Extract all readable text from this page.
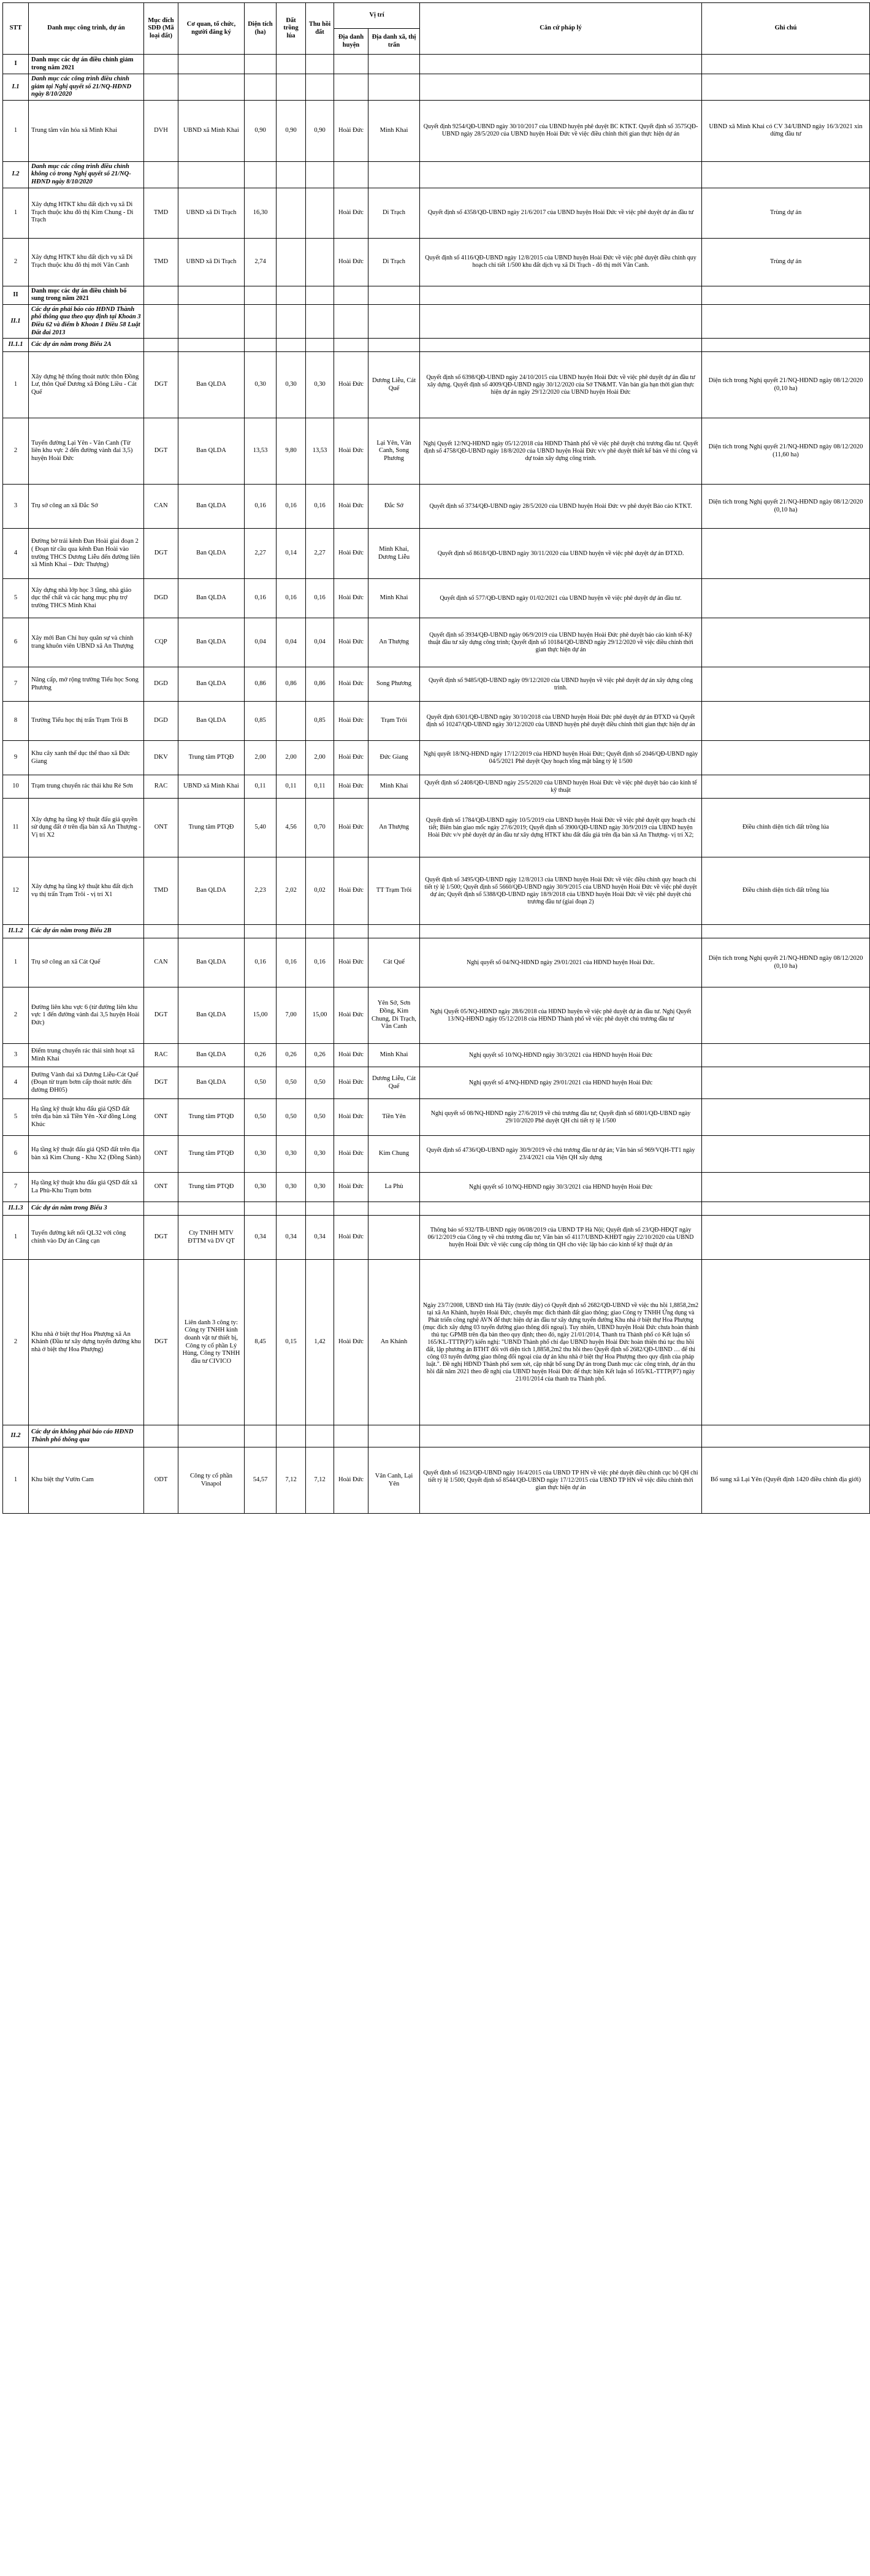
STT	Danh mục công trình, dự án	Mục đích SDĐ (Mã loại đất)	Cơ quan, tổ chức, người đăng ký	Diện tích (ha)	Đất trồng lúa	Thu hồi đất	Vị trí		Căn cứ pháp lý	Ghi chú
							Địa danh huyện	Địa danh xã, thị trấn		
I	Danh mục các dự án điều chỉnh giảm trong năm 2021									
I.1	Danh mục các công trình điều chỉnh giảm tại Nghị quyết số 21/NQ-HĐND ngày 8/10/2020									
1	Trung tâm văn hóa xã Minh Khai	DVH	UBND xã Minh Khai	0,90	0,90	0,90	Hoài Đức	Minh Khai	Quyết định 9254/QĐ-UBND ngày 30/10/2017 của UBND huyện phê duyệt BC KTKT. Quyết định số 3575QĐ-UBND ngày 28/5/2020 của UBND huyện Hoài Đức về việc điều chỉnh thời gian thực hiện dự án	UBND xã Minh Khai có CV 34/UBND ngày 16/3/2021 xin dừng đầu tư
I.2	Danh mục các công trình điều chỉnh không có trong Nghị quyết số 21/NQ-HĐND ngày 8/10/2020									
1	Xây dựng HTKT khu đất dịch vụ xã Di Trạch thuộc khu đô thị Kim Chung - Di Trạch	TMD	UBND xã Di Trạch	16,30			Hoài Đức	Di Trạch	Quyết định số 4358/QĐ-UBND ngày 21/6/2017 của UBND huyện Hoài Đức về việc phê duyệt dự án đầu tư	Trùng dự án
2	Xây dựng HTKT khu đất dịch vụ xã Di Trạch thuộc khu đô thị mới Vân Canh	TMD	UBND xã Di Trạch	2,74			Hoài Đức	Di Trạch	Quyết định số 4116/QĐ-UBND ngày 12/8/2015 của UBND huyện Hoài Đức về việc phê duyệt điều chỉnh quy hoạch chi tiết 1/500 khu đất dịch vụ xã Di Trạch - đô thị mới Vân Canh.	Trùng dự án
II	Danh mục các dự án điều chỉnh bổ sung trong năm 2021									
II.1	Các dự án phải báo cáo HĐND Thành phố thông qua theo quy định tại Khoản 3 Điều 62 và điểm b Khoản 1 Điều 58 Luật Đất đai 2013									
II.1.1	Các dự án nằm trong Biểu 2A									
1	Xây dựng hệ thống thoát nước thôn Đồng Lư, thôn Quế Dương xã Đông Liều - Cát Quế	DGT	Ban QLDA	0,30	0,30	0,30	Hoài Đức	Dương Liễu, Cát Quế	Quyết định số 6398/QĐ-UBND ngày 24/10/2015 của UBND huyện Hoài Đức về việc phê duyệt dự án đầu tư xây dựng. Quyết định số 4009/QĐ-UBND ngày 30/12/2020 của Sở TN&MT. Văn bản gia hạn thời gian thực hiện dự án ngày 29/12/2020 của UBND huyện Hoài Đức	Diện tích trong Nghị quyết 21/NQ-HĐND ngày 08/12/2020 (0,10 ha)
2	Tuyến đường Lại Yên - Vân Canh (Từ liên khu vực 2 đến đường vành đai 3,5) huyện Hoài Đức	DGT	Ban QLDA	13,53	9,80	13,53	Hoài Đức	Lại Yên, Vân Canh, Song Phương	Nghị Quyết 12/NQ-HĐND ngày 05/12/2018 của HĐND Thành phố về việc phê duyệt chủ trương đầu tư. Quyết định số 4758/QĐ-UBND ngày 18/8/2020 của UBND huyện Hoài Đức v/v phê duyệt thiết kế bản vẽ thi công và dự toán xây dựng công trình.	Diện tích trong Nghị quyết 21/NQ-HĐND ngày 08/12/2020 (11,60 ha)
3	Trụ sở công an xã Đắc Sở	CAN	Ban QLDA	0,16	0,16	0,16	Hoài Đức	Đắc Sở	Quyết định số 3734/QĐ-UBND ngày 28/5/2020 của UBND huyện Hoài Đức vv phê duyệt Báo cáo KTKT.	Diện tích trong Nghị quyết 21/NQ-HĐND ngày 08/12/2020 (0,10 ha)
4	Đường bờ trái kênh Đan Hoài giai đoạn 2 ( Đoạn từ cầu qua kênh Đan Hoài vào trường THCS Dương Liễu đến đường liên xã Minh Khai – Đức Thượng)	DGT	Ban QLDA	2,27	0,14	2,27	Hoài Đức	Minh Khai, Dương Liễu	Quyết định số 8618/QĐ-UBND ngày 30/11/2020 của UBND huyện về việc phê duyệt dự án ĐTXD.	
5	Xây dựng nhà lớp học 3 tầng, nhà giáo dục thể chất và các hạng mục phụ trợ trường THCS Minh Khai	DGD	Ban QLDA	0,16	0,16	0,16	Hoài Đức	Minh Khai	Quyết định số 577/QĐ-UBND ngày 01/02/2021 của UBND huyện về việc phê duyệt dự án đầu tư.	
6	Xây mới Ban Chỉ huy quân sự và chính trang khuôn viên UBND xã An Thượng	CQP	Ban QLDA	0,04	0,04	0,04	Hoài Đức	An Thượng	Quyết định số 3934/QĐ-UBND ngày 06/9/2019 của UBND huyện Hoài Đức phê duyệt báo cáo kinh tế-Kỹ thuật đầu tư xây dựng công trình; Quyết định số 10184/QĐ-UBND ngày 29/12/2020 về việc điều chỉnh thời gian thực hiện dự án	
7	Nâng cấp, mở rộng trường Tiểu học Song Phương	DGD	Ban QLDA	0,86	0,86	0,86	Hoài Đức	Song Phương	Quyết định số 9485/QĐ-UBND ngày 09/12/2020 của UBND huyện về việc phê duyệt dự án xây dựng công trình.	
8	Trường Tiểu học thị trấn Trạm Trôi B	DGD	Ban QLDA	0,85		0,85	Hoài Đức	Trạm Trôi	Quyết định 6301/QĐ-UBND ngày 30/10/2018 của UBND huyện Hoài Đức phê duyệt dự án ĐTXD và Quyết định số 10247/QĐ-UBND ngày 30/12/2020 của UBND huyện phê duyệt điều chỉnh thời gian thực hiện dự án	
9	Khu cây xanh thể dục thể thao xã Đức Giang	DKV	Trung tâm PTQĐ	2,00	2,00	2,00	Hoài Đức	Đức Giang	Nghị quyết 18/NQ-HĐND ngày 17/12/2019 của HĐND huyện Hoài Đức; Quyết định số 2046/QĐ-UBND ngày 04/5/2021 Phê duyệt Quy hoạch tổng mặt bằng tỷ lệ 1/500	
10	Trạm trung chuyển rác thải khu Rẻ Sơn	RAC	UBND xã Minh Khai	0,11	0,11	0,11	Hoài Đức	Minh Khai	Quyết định số 2408/QĐ-UBND ngày 25/5/2020 của UBND huyện Hoài Đức về việc phê duyệt báo cáo kinh tế kỹ thuật	
11	Xây dựng hạ tầng kỹ thuật đấu giá quyền sử dụng đất ở trên địa bàn xã An Thượng - Vị trí X2	ONT	Trung tâm PTQĐ	5,40	4,56	0,70	Hoài Đức	An Thượng	Quyết định số 1784/QĐ-UBND ngày 10/5/2019 của UBND huyện Hoài Đức về việc phê duyệt quy hoạch chi tiết; Biên bản giao mốc ngày 27/6/2019; Quyết định số 3900/QĐ-UBND ngày 30/9/2019 của UBND huyện Hoài Đức v/v phê duyệt dự án đầu tư xây dựng HTKT khu đất đấu giá trên địa bàn xã An Thượng- vị trí X2;	Điều chỉnh diện tích đất trồng lúa
12	Xây dựng hạ tầng kỹ thuật khu đất dịch vụ thị trấn Trạm Trôi - vị trí X1	TMD	Ban QLDA	2,23	2,02	0,02	Hoài Đức	TT Trạm Trôi	Quyết định số 3495/QĐ-UBND ngày 12/8/2013 của UBND huyện Hoài Đức về việc điều chỉnh quy hoạch chi tiết tỷ lệ 1/500; Quyết định số 5660/QĐ-UBND ngày 30/9/2015 của UBND huyện Hoài Đức về việc phê duyệt dự án; Quyết định số 5388/QĐ-UBND ngày 18/9/2018 của UBND huyện Hoài Đức về việc phê duyệt chủ trương đầu tư (giai đoạn 2)	Điều chỉnh diện tích đất trồng lúa
II.1.2	Các dự án nằm trong Biểu 2B									
1	Trụ sở công an xã Cát Quế	CAN	Ban QLDA	0,16	0,16	0,16	Hoài Đức	Cát Quế	Nghị quyết số 04/NQ-HĐND ngày 29/01/2021 của HĐND huyện Hoài Đức.	Diện tích trong Nghị quyết 21/NQ-HĐND ngày 08/12/2020 (0,10 ha)
2	Đường liên khu vực 6 (từ đường liên khu vực 1 đến đường vành đai 3,5 huyện Hoài Đức)	DGT	Ban QLDA	15,00	7,00	15,00	Hoài Đức	Yên Sở, Sơn Đồng, Kim Chung, Di Trạch, Vân Canh	Nghị Quyết 05/NQ-HĐND ngày 28/6/2018 của HĐND huyện về việc phê duyệt dự án đầu tư. Nghị Quyết 13/NQ-HĐND ngày 05/12/2018 của HĐND Thành phố về việc phê duyệt chủ trương đầu tư	
3	Điểm trung chuyển rác thải sinh hoạt xã Minh Khai	RAC	Ban QLDA	0,26	0,26	0,26	Hoài Đức	Minh Khai	Nghị quyết số 10/NQ-HĐND ngày 30/3/2021 của HĐND huyện Hoài Đức	
4	Đường Vành đai xã Dương Liễu-Cát Quế (Đoạn từ trạm bơm cấp thoát nước đến đường ĐH05)	DGT	Ban QLDA	0,50	0,50	0,50	Hoài Đức	Dương Liễu, Cát Quế	Nghị quyết số 4/NQ-HĐND ngày 29/01/2021 của HĐND huyện Hoài Đức	
5	Hạ tầng kỹ thuật khu đấu giá QSD đất trên địa bàn xã Tiền Yên -Xứ đồng Lòng Khúc	ONT	Trung tâm PTQĐ	0,50	0,50	0,50	Hoài Đức	Tiền Yên	Nghị quyết số 08/NQ-HĐND ngày 27/6/2019 về chủ trương đầu tư; Quyết định số 6801/QĐ-UBND ngày 29/10/2020 Phê duyệt QH chi tiết tỷ lệ 1/500	
6	Hạ tầng kỹ thuật đấu giá QSD đất trên địa bàn xã Kim Chung - Khu X2 (Đồng Sảnh)	ONT	Trung tâm PTQĐ	0,30	0,30	0,30	Hoài Đức	Kim Chung	Quyết định số 4736/QĐ-UBND ngày 30/9/2019 về chủ trương đầu tư dự án; Văn bản số 969/VQH-TT1 ngày 23/4/2021 của Viện QH xây dựng	
7	Hạ tầng kỹ thuật khu đấu giá QSD đất xã La Phù-Khu Trạm bơm	ONT	Trung tâm PTQĐ	0,30	0,30	0,30	Hoài Đức	La Phù	Nghị quyết số 10/NQ-HĐND ngày 30/3/2021 của HĐND huyện Hoài Đức	
II.1.3	Các dự án nằm trong Biểu 3									
1	Tuyến đường kết nối QL32 với công chính vào Dự án Căng cạn	DGT	Cty TNHH MTV ĐTTM và DV QT	0,34	0,34	0,34	Hoài Đức		Thông báo số 932/TB-UBND ngày 06/08/2019 của UBND TP Hà Nội; Quyết định số 23/QĐ-HĐQT ngày 06/12/2019 của Công ty về chủ trương đầu tư; Văn bản số 4117/UBND-KHĐT ngày 22/10/2020 của UBND huyện Hoài Đức về việc cung cấp thông tin QH cho việc lập báo cáo kinh tế kỹ thuật dự án	
2	Khu nhà ở biệt thự Hoa Phượng xã An Khánh (Đầu tư xây dựng tuyến đường khu nhà ở biệt thự Hoa Phượng)	DGT	Liên danh 3 công ty: Công ty TNHH kinh doanh vật tư thiết bị, Công ty cổ phần Lý Hùng, Công ty TNHH đầu tư CIVICO	8,45	0,15	1,42	Hoài Đức	An Khánh	Ngày 23/7/2008, UBND tỉnh Hà Tây (trước đây) có Quyết định số 2682/QĐ-UBND về việc thu hồi 1,8858,2m2 tại xã An Khánh, huyện Hoài Đức, chuyển mục đích thành đất giao thông; giao Công ty TNHH Ứng dụng và Phát triển công nghệ AVN để thực hiện dự án đầu tư xây dựng tuyến đường Khu nhà ở biệt thự Hoa Phượng (mục đích xây dựng 03 tuyến đường giao thông đối ngoại). Tuy nhiên, UBND huyện Hoài Đức chưa hoàn thành thủ tục GPMB trên địa bàn theo quy định; theo đó, ngày 21/01/2014, Thanh tra Thành phố có Kết luận số 165/KL-TTTP(P7) kiến nghị: "UBND Thành phố chỉ đạo UBND huyện Hoài Đức hoàn thiện thủ tục thu hồi đất, lập phương án BTHT đối với diện tích 1,8858,2m2 thu hồi theo Quyết định số 2682/QĐ-UBND … để thi công 03 tuyến đường giao thông đối ngoại của dự án khu nhà ở biệt thự Hoa Phượng theo quy định của pháp luật.". Đề nghị HĐND Thành phố xem xét, cập nhật bổ sung Dự án trong Danh mục các công trình, dự án thu hồi đất năm 2021 theo đề nghị của UBND huyện Hoài Đức để thực hiện Kết luận số 165/KL-TTTP(P7) ngày 21/01/2014 của thanh tra Thành phố.	
II.2	Các dự án không phải báo cáo HĐND Thành phố thông qua									
1	Khu biệt thự Vườn Cam	ODT	Công ty cổ phần Vinapol	54,57	7,12	7,12	Hoài Đức	Vân Canh, Lại Yên	Quyết định số 1623/QĐ-UBND ngày 16/4/2015 của UBND TP HN về việc phê duyệt điều chỉnh cục bộ QH chi tiết tỷ lệ 1/500; Quyết định số 8544/QĐ-UBND ngày 17/12/2015 của UBND TP HN về việc điều chỉnh thời gian thực hiện dự án	Bổ sung xã Lại Yên (Quyết định 1420 điều chỉnh địa giới)
